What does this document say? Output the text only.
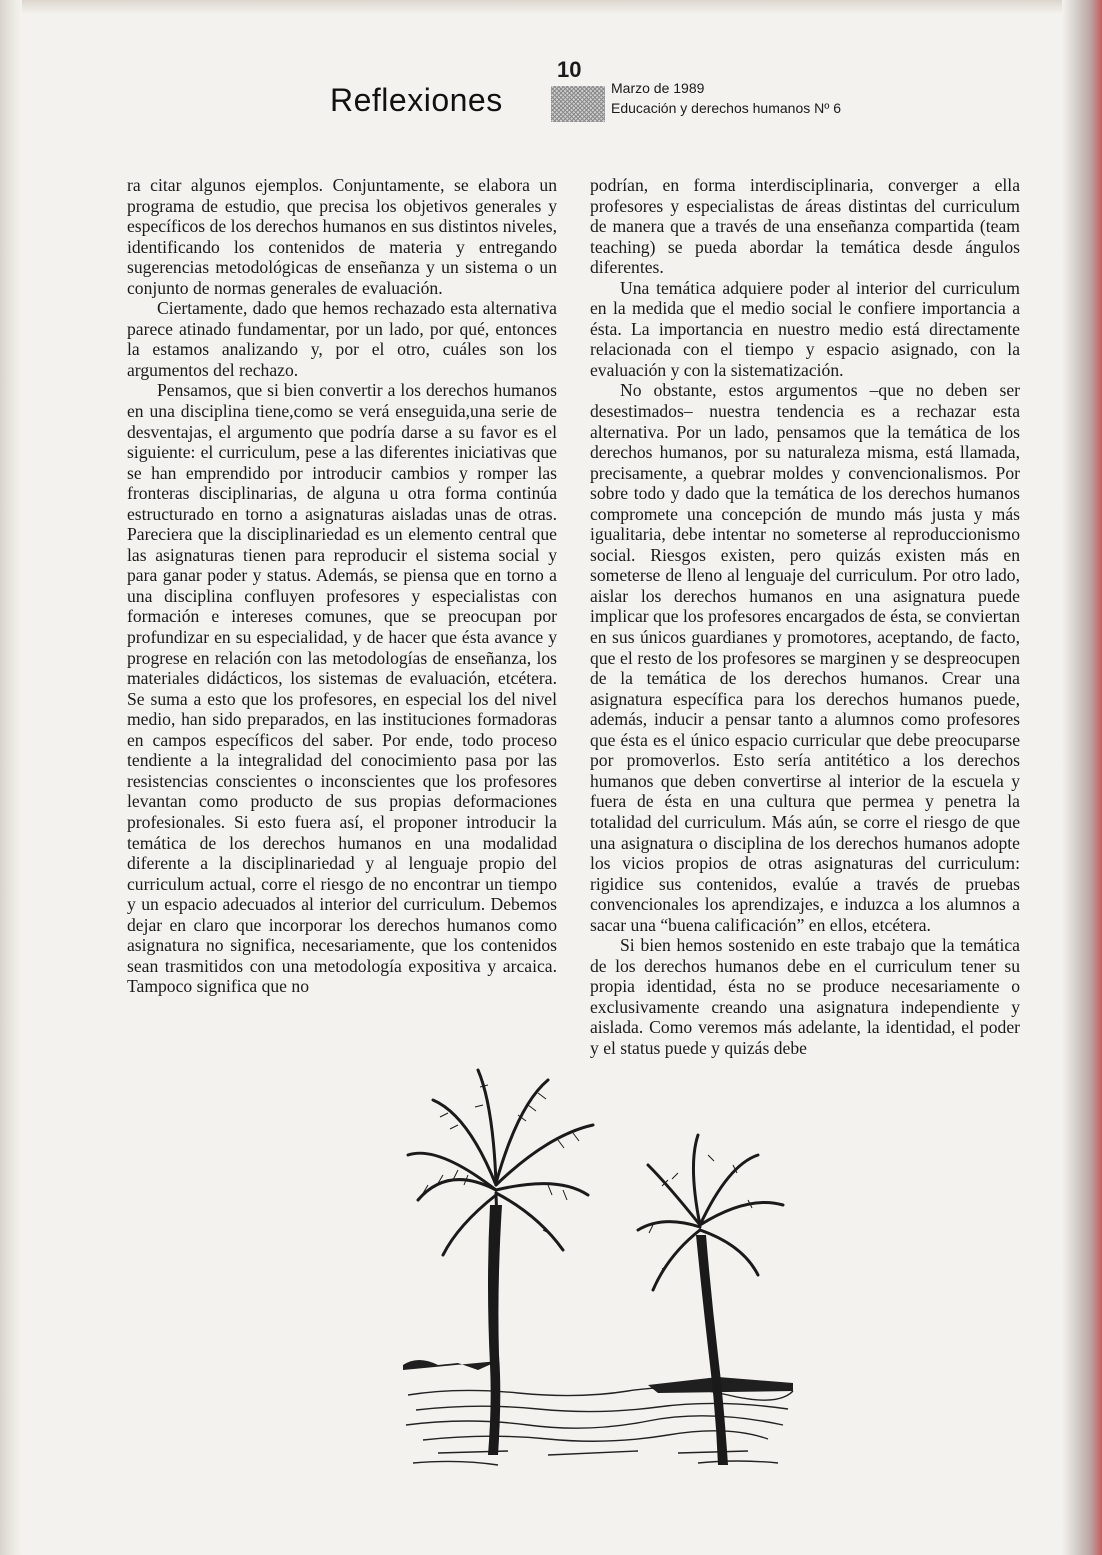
10
Reflexiones	Marzo de 1989
Educación y derechos humanos Nº 6

ra citar algunos ejemplos. Conjuntamente, se elabora un programa de estudio, que precisa los objetivos generales y específicos de los derechos humanos en sus distintos niveles, identificando los contenidos de materia y entregando sugerencias metodológicas de enseñanza y un sistema o un conjunto de normas generales de evaluación.

Ciertamente, dado que hemos rechazado esta alternativa parece atinado fundamentar, por un lado, por qué, entonces la estamos analizando y, por el otro, cuáles son los argumentos del rechazo.

Pensamos, que si bien convertir a los derechos humanos en una disciplina tiene,como se verá enseguida,una serie de desventajas, el argumento que podría darse a su favor es el siguiente: el curriculum, pese a las diferentes iniciativas que se han emprendido por introducir cambios y romper las fronteras disciplinarias, de alguna u otra forma continúa estructurado en torno a asignaturas aisladas unas de otras. Pareciera que la disciplinariedad es un elemento central que las asignaturas tienen para reproducir el sistema social y para ganar poder y status. Además, se piensa que en torno a una disciplina confluyen profesores y especialistas con formación e intereses comunes, que se preocupan por profundizar en su especialidad, y de hacer que ésta avance y progrese en relación con las metodologías de enseñanza, los materiales didácticos, los sistemas de evaluación, etcétera. Se suma a esto que los profesores, en especial los del nivel medio, han sido preparados, en las instituciones formadoras en campos específicos del saber. Por ende, todo proceso tendiente a la integralidad del conocimiento pasa por las resistencias conscientes o inconscientes que los profesores levantan como producto de sus propias deformaciones profesionales. Si esto fuera así, el proponer introducir la temática de los derechos humanos en una modalidad diferente a la disciplinariedad y al lenguaje propio del curriculum actual, corre el riesgo de no encontrar un tiempo y un espacio adecuados al interior del curriculum. Debemos dejar en claro que incorporar los derechos humanos como asignatura no significa, necesariamente, que los contenidos sean trasmitidos con una metodología expositiva y arcaica. Tampoco significa que no

podrían, en forma interdisciplinaria, converger a ella profesores y especialistas de áreas distintas del curriculum de manera que a través de una enseñanza compartida (team teaching) se pueda abordar la temática desde ángulos diferentes.

Una temática adquiere poder al interior del curriculum en la medida que el medio social le confiere importancia a ésta. La importancia en nuestro medio está directamente relacionada con el tiempo y espacio asignado, con la evaluación y con la sistematización.

No obstante, estos argumentos –que no deben ser desestimados– nuestra tendencia es a rechazar esta alternativa. Por un lado, pensamos que la temática de los derechos humanos, por su naturaleza misma, está llamada, precisamente, a quebrar moldes y convencionalismos. Por sobre todo y dado que la temática de los derechos humanos compromete una concepción de mundo más justa y más igualitaria, debe intentar no someterse al reproduccionismo social. Riesgos existen, pero quizás existen más en someterse de lleno al lenguaje del curriculum. Por otro lado, aislar los derechos humanos en una asignatura puede implicar que los profesores encargados de ésta, se conviertan en sus únicos guardianes y promotores, aceptando, de facto, que el resto de los profesores se marginen y se despreocupen de la temática de los derechos humanos. Crear una asignatura específica para los derechos humanos puede, además, inducir a pensar tanto a alumnos como profesores que ésta es el único espacio curricular que debe preocuparse por promoverlos. Esto sería antitético a los derechos humanos que deben convertirse al interior de la escuela y fuera de ésta en una cultura que permea y penetra la totalidad del curriculum. Más aún, se corre el riesgo de que una asignatura o disciplina de los derechos humanos adopte los vicios propios de otras asignaturas del curriculum: rigidice sus contenidos, evalúe a través de pruebas convencionales los aprendizajes, e induzca a los alumnos a sacar una “buena calificación” en ellos, etcétera.

Si bien hemos sostenido en este trabajo que la temática de los derechos humanos debe en el curriculum tener su propia identidad, ésta no se produce necesariamente o exclusivamente creando una asignatura independiente y aislada. Como veremos más adelante, la identidad, el poder y el status puede y quizás debe
